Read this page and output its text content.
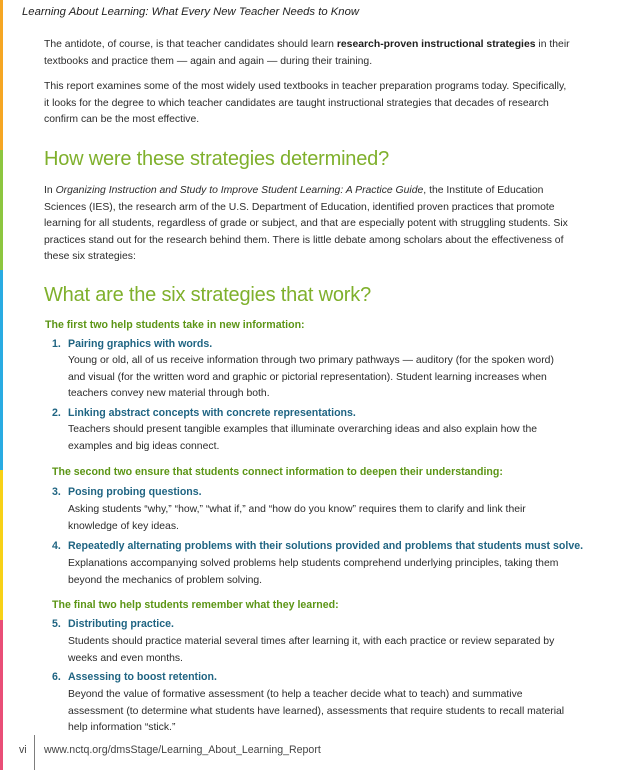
Learning About Learning: What Every New Teacher Needs to Know

The antidote, of course, is that teacher candidates should learn research-proven instructional strategies in their textbooks and practice them — again and again — during their training.

This report examines some of the most widely used textbooks in teacher preparation programs today. Specifically, it looks for the degree to which teacher candidates are taught instructional strategies that decades of research confirm can be the most effective.

How were these strategies determined?

In Organizing Instruction and Study to Improve Student Learning: A Practice Guide, the Institute of Education Sciences (IES), the research arm of the U.S. Department of Education, identified proven practices that promote learning for all students, regardless of grade or subject, and that are especially potent with struggling students. Six practices stand out for the research behind them. There is little debate among scholars about the effectiveness of these six strategies:

What are the six strategies that work?
The first two help students take in new information:
1. Pairing graphics with words.

Young or old, all of us receive information through two primary pathways — auditory (for the spoken word) and visual (for the written word and graphic or pictorial representation). Student learning increases when teachers convey new material through both.

2. Linking abstract concepts with concrete representations.

Teachers should present tangible examples that illuminate overarching ideas and also explain how the examples and big ideas connect.

The second two ensure that students connect information to deepen their understanding:
3. Posing probing questions.

Asking students “why,” “how,” “what if,” and “how do you know” requires them to clarify and link their knowledge of key ideas.

4. Repeatedly alternating problems with their solutions provided and problems that students must solve.

Explanations accompanying solved problems help students comprehend underlying principles, taking them beyond the mechanics of problem solving.

The final two help students remember what they learned:
5. Distributing practice.

Students should practice material several times after learning it, with each practice or review separated by weeks and even months.

6. Assessing to boost retention.

Beyond the value of formative assessment (to help a teacher decide what to teach) and summative assessment (to determine what students have learned), assessments that require students to recall material help information “stick.”

vi www.nctq.org/dmsStage/Learning_About_Learning_Report
